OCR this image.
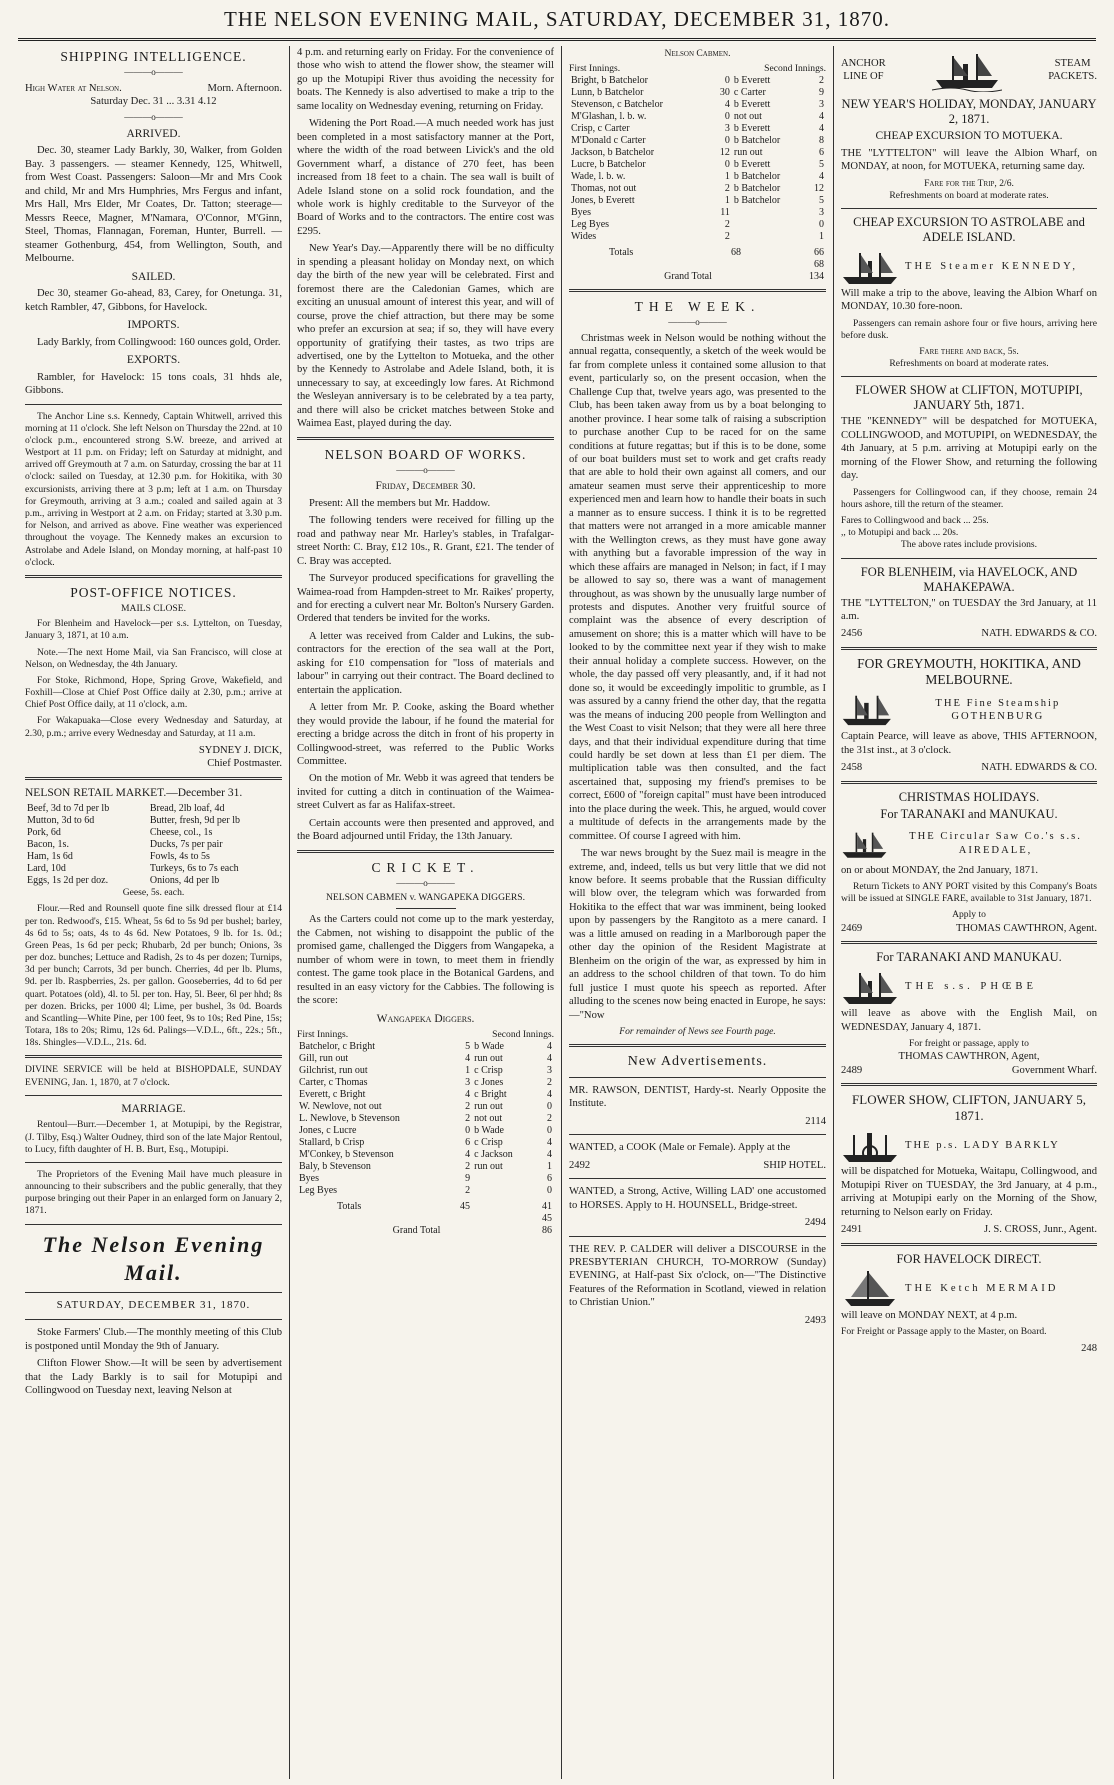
THE NELSON EVENING MAIL, SATURDAY, DECEMBER 31, 1870.
SHIPPING INTELLIGENCE.
———o———
High Water at Nelson.	Morn. Afternoon.

Saturday Dec. 31 ... 3.31 4.12

———o———
ARRIVED.

Dec. 30, steamer Lady Barkly, 30, Walker, from Golden Bay. 3 passengers. — steamer Kennedy, 125, Whitwell, from West Coast. Passengers: Saloon—Mr and Mrs Cook and child, Mr and Mrs Humphries, Mrs Fergus and infant, Mrs Hall, Mrs Elder, Mr Coates, Dr. Tatton; steerage—Messrs Reece, Magner, M'Namara, O'Connor, M'Ginn, Steel, Thomas, Flannagan, Foreman, Hunter, Burrell. — steamer Gothenburg, 454, from Wellington, South, and Melbourne.

SAILED.

Dec 30, steamer Go-ahead, 83, Carey, for Onetunga. 31, ketch Rambler, 47, Gibbons, for Havelock.

IMPORTS.

Lady Barkly, from Collingwood: 160 ounces gold, Order.

EXPORTS.

Rambler, for Havelock: 15 tons coals, 31 hhds ale, Gibbons.

The Anchor Line s.s. Kennedy, Captain Whitwell, arrived this morning at 11 o'clock. She left Nelson on Thursday the 22nd. at 10 o'clock p.m., encountered strong S.W. breeze, and arrived at Westport at 11 p.m. on Friday; left on Saturday at midnight, and arrived off Greymouth at 7 a.m. on Saturday, crossing the bar at 11 o'clock: sailed on Tuesday, at 12.30 p.m. for Hokitika, with 30 excursionists, arriving there at 3 p.m; left at 1 a.m. on Thursday for Greymouth, arriving at 3 a.m.; coaled and sailed again at 3 p.m., arriving in Westport at 2 a.m. on Friday; started at 3.30 p.m. for Nelson, and arrived as above. Fine weather was experienced throughout the voyage. The Kennedy makes an excursion to Astrolabe and Adele Island, on Monday morning, at half-past 10 o'clock.

POST-OFFICE NOTICES.
MAILS CLOSE.

For Blenheim and Havelock—per s.s. Lyttelton, on Tuesday, January 3, 1871, at 10 a.m.

Note.—The next Home Mail, via San Francisco, will close at Nelson, on Wednesday, the 4th January.

For Stoke, Richmond, Hope, Spring Grove, Wakefield, and Foxhill—Close at Chief Post Office daily at 2.30, p.m.; arrive at Chief Post Office daily, at 11 o'clock, a.m.

For Wakapuaka—Close every Wednesday and Saturday, at 2.30, p.m.; arrive every Wednesday and Saturday, at 11 a.m.

SYDNEY J. DICK,
Chief Postmaster.
NELSON RETAIL MARKET.—December 31.
Beef, 3d to 7d per lb	Bread, 2lb loaf, 4d
Mutton, 3d to 6d	Butter, fresh, 9d per lb
Pork, 6d	Cheese, col., 1s
Bacon, 1s.	Ducks, 7s per pair
Ham, 1s 6d	Fowls, 4s to 5s
Lard, 10d	Turkeys, 6s to 7s each
Eggs, 1s 2d per doz.	Onions, 4d per lb

Geese, 5s. each.

Flour.—Red and Rounsell quote fine silk dressed flour at £14 per ton. Redwood's, £15. Wheat, 5s 6d to 5s 9d per bushel; barley, 4s 6d to 5s; oats, 4s to 4s 6d. New Potatoes, 9 lb. for 1s. 0d.; Green Peas, 1s 6d per peck; Rhubarb, 2d per bunch; Onions, 3s per doz. bunches; Lettuce and Radish, 2s to 4s per dozen; Turnips, 3d per bunch; Carrots, 3d per bunch. Cherries, 4d per lb. Plums, 9d. per lb. Raspberries, 2s. per gallon. Gooseberries, 4d to 6d per quart. Potatoes (old), 4l. to 5l. per ton. Hay, 5l. Beer, 6l per hhd; 8s per dozen. Bricks, per 1000 4l; Lime, per bushel, 3s 0d. Boards and Scantling—White Pine, per 100 feet, 9s to 10s; Red Pine, 15s; Totara, 18s to 20s; Rimu, 12s 6d. Palings—V.D.L., 6ft., 22s.; 5ft., 18s. Shingles—V.D.L., 21s. 6d.

DIVINE SERVICE will be held at BISHOPDALE, SUNDAY EVENING, Jan. 1, 1870, at 7 o'clock.

MARRIAGE.

Rentoul—Burr.—December 1, at Motupipi, by the Registrar, (J. Tilby, Esq.) Walter Oudney, third son of the late Major Rentoul, to Lucy, fifth daughter of H. B. Burt, Esq., Motupipi.

The Proprietors of the Evening Mail have much pleasure in announcing to their subscribers and the public generally, that they purpose bringing out their Paper in an enlarged form on January 2, 1871.

The Nelson Evening Mail.
SATURDAY, DECEMBER 31, 1870.

Stoke Farmers' Club.—The monthly meeting of this Club is postponed until Monday the 9th of January.

Clifton Flower Show.—It will be seen by advertisement that the Lady Barkly is to sail for Motupipi and Collingwood on Tuesday next, leaving Nelson at

4 p.m. and returning early on Friday. For the convenience of those who wish to attend the flower show, the steamer will go up the Motupipi River thus avoiding the necessity for boats. The Kennedy is also advertised to make a trip to the same locality on Wednesday evening, returning on Friday.

Widening the Port Road.—A much needed work has just been completed in a most satisfactory manner at the Port, where the width of the road between Livick's and the old Government wharf, a distance of 270 feet, has been increased from 18 feet to a chain. The sea wall is built of Adele Island stone on a solid rock foundation, and the whole work is highly creditable to the Surveyor of the Board of Works and to the contractors. The entire cost was £295.

New Year's Day.—Apparently there will be no difficulty in spending a pleasant holiday on Monday next, on which day the birth of the new year will be celebrated. First and foremost there are the Caledonian Games, which are exciting an unusual amount of interest this year, and will of course, prove the chief attraction, but there may be some who prefer an excursion at sea; if so, they will have every opportunity of gratifying their tastes, as two trips are advertised, one by the Lyttelton to Motueka, and the other by the Kennedy to Astrolabe and Adele Island, both, it is unnecessary to say, at exceedingly low fares. At Richmond the Wesleyan anniversary is to be celebrated by a tea party, and there will also be cricket matches between Stoke and Waimea East, played during the day.

NELSON BOARD OF WORKS.
———o———
Friday, December 30.

Present: All the members but Mr. Haddow.

The following tenders were received for filling up the road and pathway near Mr. Harley's stables, in Trafalgar-street North: C. Bray, £12 10s., R. Grant, £21. The tender of C. Bray was accepted.

The Surveyor produced specifications for gravelling the Waimea-road from Hampden-street to Mr. Raikes' property, and for erecting a culvert near Mr. Bolton's Nursery Garden. Ordered that tenders be invited for the works.

A letter was received from Calder and Lukins, the sub-contractors for the erection of the sea wall at the Port, asking for £10 compensation for "loss of materials and labour" in carrying out their contract. The Board declined to entertain the application.

A letter from Mr. P. Cooke, asking the Board whether they would provide the labour, if he found the material for erecting a bridge across the ditch in front of his property in Collingwood-street, was referred to the Public Works Committee.

On the motion of Mr. Webb it was agreed that tenders be invited for cutting a ditch in continuation of the Waimea-street Culvert as far as Halifax-street.

Certain accounts were then presented and approved, and the Board adjourned until Friday, the 13th January.

CRICKET.
———o———
NELSON CABMEN v. WANGAPEKA DIGGERS.

As the Carters could not come up to the mark yesterday, the Cabmen, not wishing to disappoint the public of the promised game, challenged the Diggers from Wangapeka, a number of whom were in town, to meet them in friendly contest. The game took place in the Botanical Gardens, and resulted in an easy victory for the Cabbies. The following is the score:

Wangapeka Diggers.
First Innings.	Second Innings.
Batchelor, c Bright	5	b Wade	4
Gill, run out	4	run out	4
Gilchrist, run out	1	c Crisp	3
Carter, c Thomas	3	c Jones	2
Everett, c Bright	4	c Bright	4
W. Newlove, not out	2	run out	0
L. Newlove, b Stevenson	2	not out	2
Jones, c Lucre	0	b Wade	0
Stallard, b Crisp	6	c Crisp	4
M'Conkey, b Stevenson	4	c Jackson	4
Baly, b Stevenson	2	run out	1
Byes	9		6
Leg Byes	2		0
Totals	45		41
			45
Grand Total			86
Nelson Cabmen.
First Innings.	Second Innings.
Bright, b Batchelor	0	b Everett	2
Lunn, b Batchelor	30	c Carter	9
Stevenson, c Batchelor	4	b Everett	3
M'Glashan, l. b. w.	0	not out	4
Crisp, c Carter	3	b Everett	4
M'Donald c Carter	0	b Batchelor	8
Jackson, b Batchelor	12	run out	6
Lucre, b Batchelor	0	b Everett	5
Wade, l. b. w.	1	b Batchelor	4
Thomas, not out	2	b Batchelor	12
Jones, b Everett	1	b Batchelor	5
Byes	11		3
Leg Byes	2		0
Wides	2		1
Totals	68		66
			68
Grand Total			134
THE WEEK.
———o———

Christmas week in Nelson would be nothing without the annual regatta, consequently, a sketch of the week would be far from complete unless it contained some allusion to that event, particularly so, on the present occasion, when the Challenge Cup that, twelve years ago, was presented to the Club, has been taken away from us by a boat belonging to another province. I hear some talk of raising a subscription to purchase another Cup to be raced for on the same conditions at future regattas; but if this is to be done, some of our boat builders must set to work and get crafts ready that are able to hold their own against all comers, and our amateur seamen must serve their apprenticeship to more experienced men and learn how to handle their boats in such a manner as to ensure success. I think it is to be regretted that matters were not arranged in a more amicable manner with the Wellington crews, as they must have gone away with anything but a favorable impression of the way in which these affairs are managed in Nelson; in fact, if I may be allowed to say so, there was a want of management throughout, as was shown by the unusually large number of protests and disputes. Another very fruitful source of complaint was the absence of every description of amusement on shore; this is a matter which will have to be looked to by the committee next year if they wish to make their annual holiday a complete success. However, on the whole, the day passed off very pleasantly, and, if it had not done so, it would be exceedingly impolitic to grumble, as I was assured by a canny friend the other day, that the regatta was the means of inducing 200 people from Wellington and the West Coast to visit Nelson; that they were all here three days, and that their individual expenditure during that time could hardly be set down at less than £1 per diem. The multiplication table was then consulted, and the fact ascertained that, supposing my friend's premises to be correct, £600 of "foreign capital" must have been introduced into the place during the week. This, he argued, would cover a multitude of defects in the arrangements made by the committee. Of course I agreed with him.

The war news brought by the Suez mail is meagre in the extreme, and, indeed, tells us but very little that we did not know before. It seems probable that the Russian difficulty will blow over, the telegram which was forwarded from Hokitika to the effect that war was imminent, being looked upon by passengers by the Rangitoto as a mere canard. I was a little amused on reading in a Marlborough paper the other day the opinion of the Resident Magistrate at Blenheim on the origin of the war, as expressed by him in an address to the school children of that town. To do him full justice I must quote his speech as reported. After alluding to the scenes now being enacted in Europe, he says:—"Now

For remainder of News see Fourth page.

New Advertisements.

MR. RAWSON, DENTIST, Hardy-st. Nearly Opposite the Institute.

2114

WANTED, a COOK (Male or Female). Apply at the

2492	SHIP HOTEL.

WANTED, a Strong, Active, Willing LAD' one accustomed to HORSES. Apply to H. HOUNSELL, Bridge-street.

2494

THE REV. P. CALDER will deliver a DISCOURSE in the PRESBYTERIAN CHURCH, TO-MORROW (Sunday) EVENING, at Half-past Six o'clock, on—"The Distinctive Features of the Reformation in Scotland, viewed in relation to Christian Union."

2493
ANCHOR
LINE OF
STEAM
PACKETS.
NEW YEAR'S HOLIDAY, MONDAY, JANUARY 2, 1871.
CHEAP EXCURSION TO MOTUEKA.

THE "LYTTELTON" will leave the Albion Wharf, on MONDAY, at noon, for MOTUEKA, returning same day.

Fare for the Trip, 2/6.
Refreshments on board at moderate rates.
CHEAP EXCURSION TO ASTROLABE and ADELE ISLAND.
THE Steamer KENNEDY,

Will make a trip to the above, leaving the Albion Wharf on MONDAY, 10.30 fore-noon.

Passengers can remain ashore four or five hours, arriving here before dusk.

Fare there and back, 5s.
Refreshments on board at moderate rates.
FLOWER SHOW at CLIFTON, MOTUPIPI, JANUARY 5th, 1871.

THE "KENNEDY" will be despatched for MOTUEKA, COLLINGWOOD, and MOTUPIPI, on WEDNESDAY, the 4th January, at 5 p.m. arriving at Motupipi early on the morning of the Flower Show, and returning the following day.

Passengers for Collingwood can, if they choose, remain 24 hours ashore, till the return of the steamer.

Fares to Collingwood and back ... 25s.
,, to Motupipi and back ... 20s.
The above rates include provisions.
FOR BLENHEIM, via HAVELOCK, AND MAHAKEPAWA.

THE "LYTTELTON," on TUESDAY the 3rd January, at 11 a.m.

2456	NATH. EDWARDS & CO.
FOR GREYMOUTH, HOKITIKA, AND MELBOURNE.
THE Fine Steamship GOTHENBURG

Captain Pearce, will leave as above, THIS AFTERNOON, the 31st inst., at 3 o'clock.

2458	NATH. EDWARDS & CO.
CHRISTMAS HOLIDAYS.
For TARANAKI and MANUKAU.
THE Circular Saw Co.'s s.s. AIREDALE,

on or about MONDAY, the 2nd January, 1871.

Return Tickets to ANY PORT visited by this Company's Boats will be issued at SINGLE FARE, available to 31st January, 1871.

Apply to
2469	THOMAS CAWTHRON, Agent.
For TARANAKI AND MANUKAU.
THE s.s. PHŒBE

will leave as above with the English Mail, on WEDNESDAY, January 4, 1871.

For freight or passage, apply to
THOMAS CAWTHRON, Agent,
2489	Government Wharf.
FLOWER SHOW, CLIFTON, JANUARY 5, 1871.
THE p.s. LADY BARKLY

will be dispatched for Motueka, Waitapu, Collingwood, and Motupipi River on TUESDAY, the 3rd January, at 4 p.m., arriving at Motupipi early on the Morning of the Show, returning to Nelson early on Friday.

2491	J. S. CROSS, Junr., Agent.
FOR HAVELOCK DIRECT.
THE Ketch MERMAID

will leave on MONDAY NEXT, at 4 p.m.

For Freight or Passage apply to the Master, on Board.

248
